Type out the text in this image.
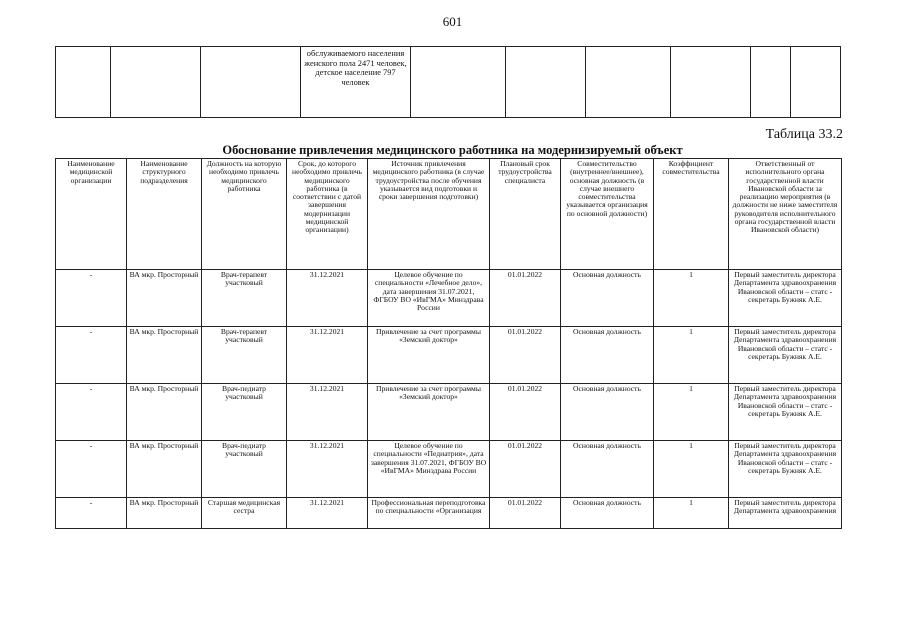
601
			обслуживаемого населения женского пола 2471 человек, детское население 797 человек						
Таблица 33.2
Обоснование привлечения медицинского работника на модернизируемый объект
Наименование медицинской организации	Наименование структурного подразделения	Должность на которую необходимо привлечь медицинского работника	Срок, до которого необходимо привлечь медицинского работника (в соответствии с датой завершения модернизации медицинской организации)	Источник привлечения медицинского работника (в случае трудоустройства после обучения указывается вид подготовки и сроки завершения подготовки)	Плановый срок трудоустройства специалиста	Совместительство (внутреннее/внешнее), основная должность (в случае внешнего совместительства указывается организация по основной должности)	Коэффициент совместительства	Ответственный от исполнительного органа государственной власти Ивановской области за реализацию мероприятия (в должности не ниже заместителя руководителя исполнительного органа государственной власти Ивановской области)
-	ВА мкр. Просторный	Врач-терапевт участковый	31.12.2021	Целевое обучение по специальности «Лечебное дело», дата завершения 31.07.2021, ФГБОУ ВО «ИвГМА» Минздрава России	01.01.2022	Основная должность	1	Первый заместитель директора Департамента здравоохранения Ивановской области – статс - секретарь Бужняк А.Е.
-	ВА мкр. Просторный	Врач-терапевт участковый	31.12.2021	Привлечение за счет программы «Земский доктор»	01.01.2022	Основная должность	1	Первый заместитель директора Департамента здравоохранения Ивановской области – статс - секретарь Бужняк А.Е.
-	ВА мкр. Просторный	Врач-педиатр участковый	31.12.2021	Привлечение за счет программы «Земский доктор»	01.01.2022	Основная должность	1	Первый заместитель директора Департамента здравоохранения Ивановской области – статс - секретарь Бужняк А.Е.
-	ВА мкр. Просторный	Врач-педиатр участковый	31.12.2021	Целевое обучение по специальности «Педиатрия», дата завершения 31.07.2021, ФГБОУ ВО «ИвГМА» Минздрава России	01.01.2022	Основная должность	1	Первый заместитель директора Департамента здравоохранения Ивановской области – статс - секретарь Бужняк А.Е.
-	ВА мкр. Просторный	Старшая медицинская сестра	31.12.2021	Профессиональная переподготовка по специальности «Организация	01.01.2022	Основная должность	1	Первый заместитель директора Департамента здравоохранения
